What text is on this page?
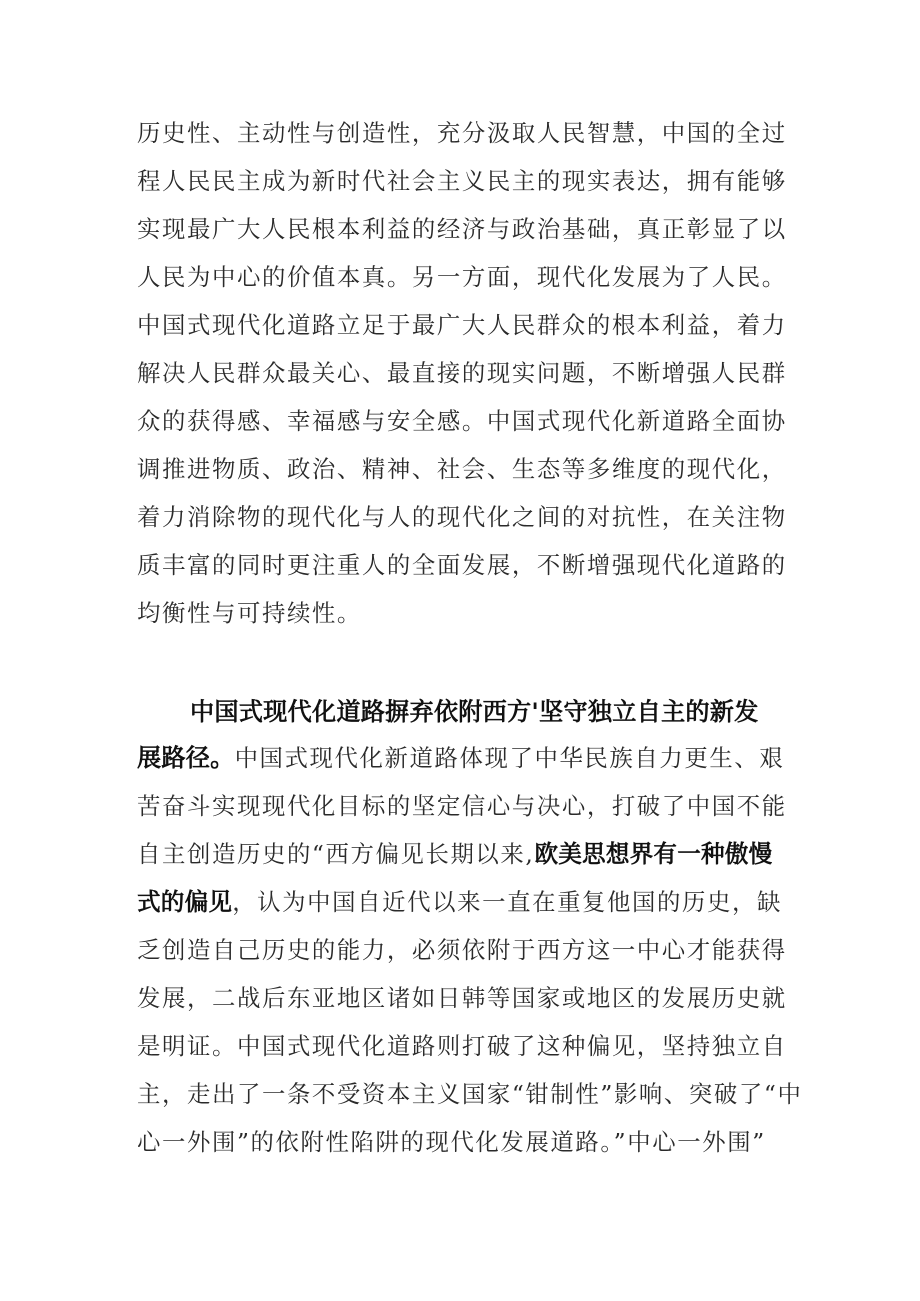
历史性、主动性与创造性，充分汲取人民智慧，中国的全过
程人民民主成为新时代社会主义民主的现实表达，拥有能够
实现最广大人民根本利益的经济与政治基础，真正彰显了以
人民为中心的价值本真。另一方面，现代化发展为了人民。
中国式现代化道路立足于最广大人民群众的根本利益，着力
解决人民群众最关心、最直接的现实问题，不断增强人民群
众的获得感、幸福感与安全感。中国式现代化新道路全面协
调推进物质、政治、精神、社会、生态等多维度的现代化，
着力消除物的现代化与人的现代化之间的对抗性，在关注物
质丰富的同时更注重人的全面发展，不断增强现代化道路的
均衡性与可持续性。
中国式现代化道路摒弃依附西方'坚守独立自主的新发
展路径。中国式现代化新道路体现了中华民族自力更生、艰
苦奋斗实现现代化目标的坚定信心与决心，打破了中国不能
自主创造历史的“西方偏见长期以来,欧美思想界有一种傲慢
式的偏见，认为中国自近代以来一直在重复他国的历史，缺
乏创造自己历史的能力，必须依附于西方这一中心才能获得
发展，二战后东亚地区诸如日韩等国家或地区的发展历史就
是明证。中国式现代化道路则打破了这种偏见，坚持独立自
主，走出了一条不受资本主义国家“钳制性”影响、突破了“中
心一外围”的依附性陷阱的现代化发展道路。”中心一外围”
